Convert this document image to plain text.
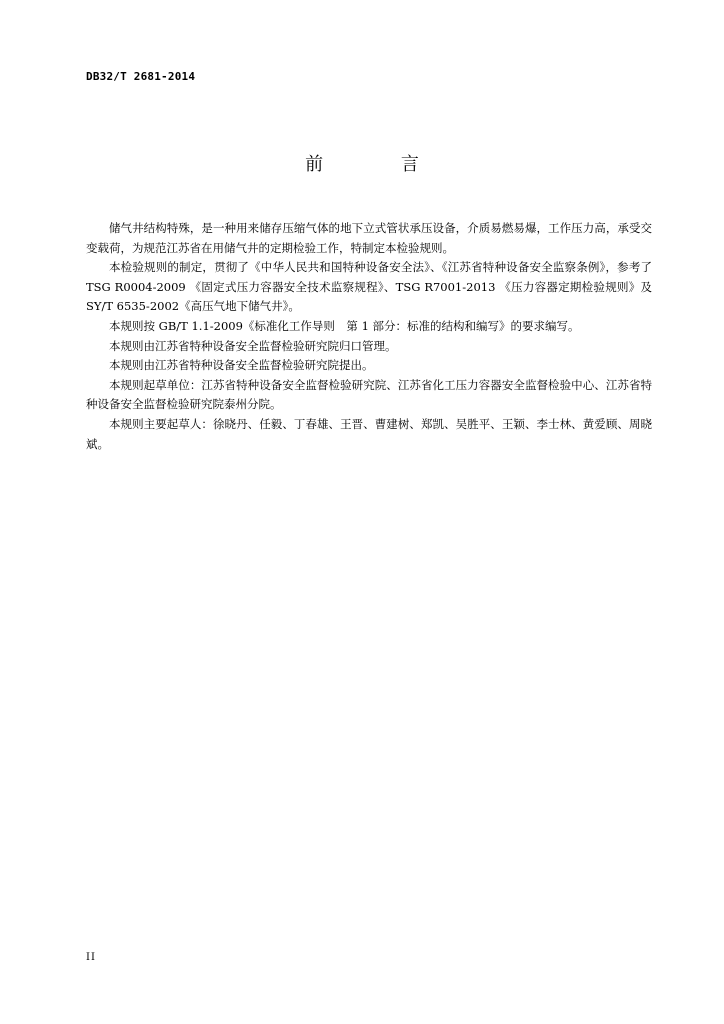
DB32/T 2681-2014
前 言

储气井结构特殊，是一种用来储存压缩气体的地下立式管状承压设备，介质易燃易爆，工作压力高，承受交变载荷，为规范江苏省在用储气井的定期检验工作，特制定本检验规则。

本检验规则的制定，贯彻了《中华人民共和国特种设备安全法》、《江苏省特种设备安全监察条例》，参考了 TSG R0004-2009 《固定式压力容器安全技术监察规程》、TSG R7001-2013 《压力容器定期检验规则》及 SY/T 6535-2002《高压气地下储气井》。

本规则按 GB/T 1.1-2009《标准化工作导则　第 1 部分：标准的结构和编写》的要求编写。

本规则由江苏省特种设备安全监督检验研究院归口管理。

本规则由江苏省特种设备安全监督检验研究院提出。

本规则起草单位：江苏省特种设备安全监督检验研究院、江苏省化工压力容器安全监督检验中心、江苏省特种设备安全监督检验研究院泰州分院。

本规则主要起草人：徐晓丹、任毅、丁春雄、王晋、曹建树、郑凯、吴胜平、王颖、李士林、黄爱顾、周晓斌。

II
